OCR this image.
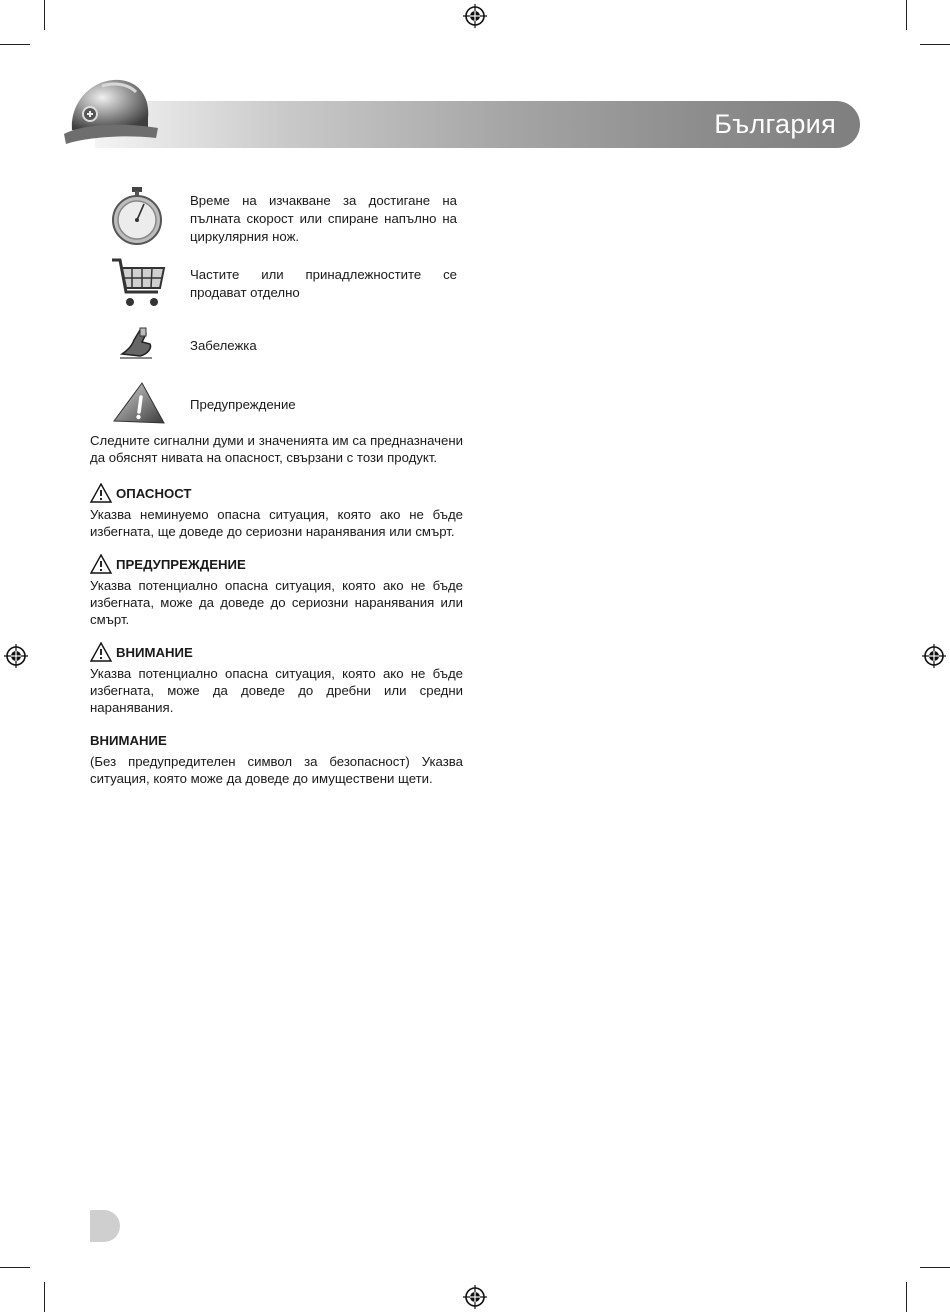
България
Време на изчакване за достигане на пълната скорост или спиране напълно на циркулярния нож.
Частите или принадлежностите се продават отделно
Забележка
Предупреждение

Следните сигнални думи и значенията им са предназначени да обяснят нивата на опасност, свързани с този продукт.

ОПАСНОСТ

Указва неминуемо опасна ситуация, която ако не бъде избегната, ще доведе до сериозни наранявания или смърт.

ПРЕДУПРЕЖДЕНИЕ

Указва потенциално опасна ситуация, която ако не бъде избегната, може да доведе до сериозни наранявания или смърт.

ВНИМАНИЕ

Указва потенциално опасна ситуация, която ако не бъде избегната, може да доведе до дребни или средни наранявания.

ВНИМАНИЕ

(Без предупредителен символ за безопасност) Указва ситуация, която може да доведе до имуществени щети.
